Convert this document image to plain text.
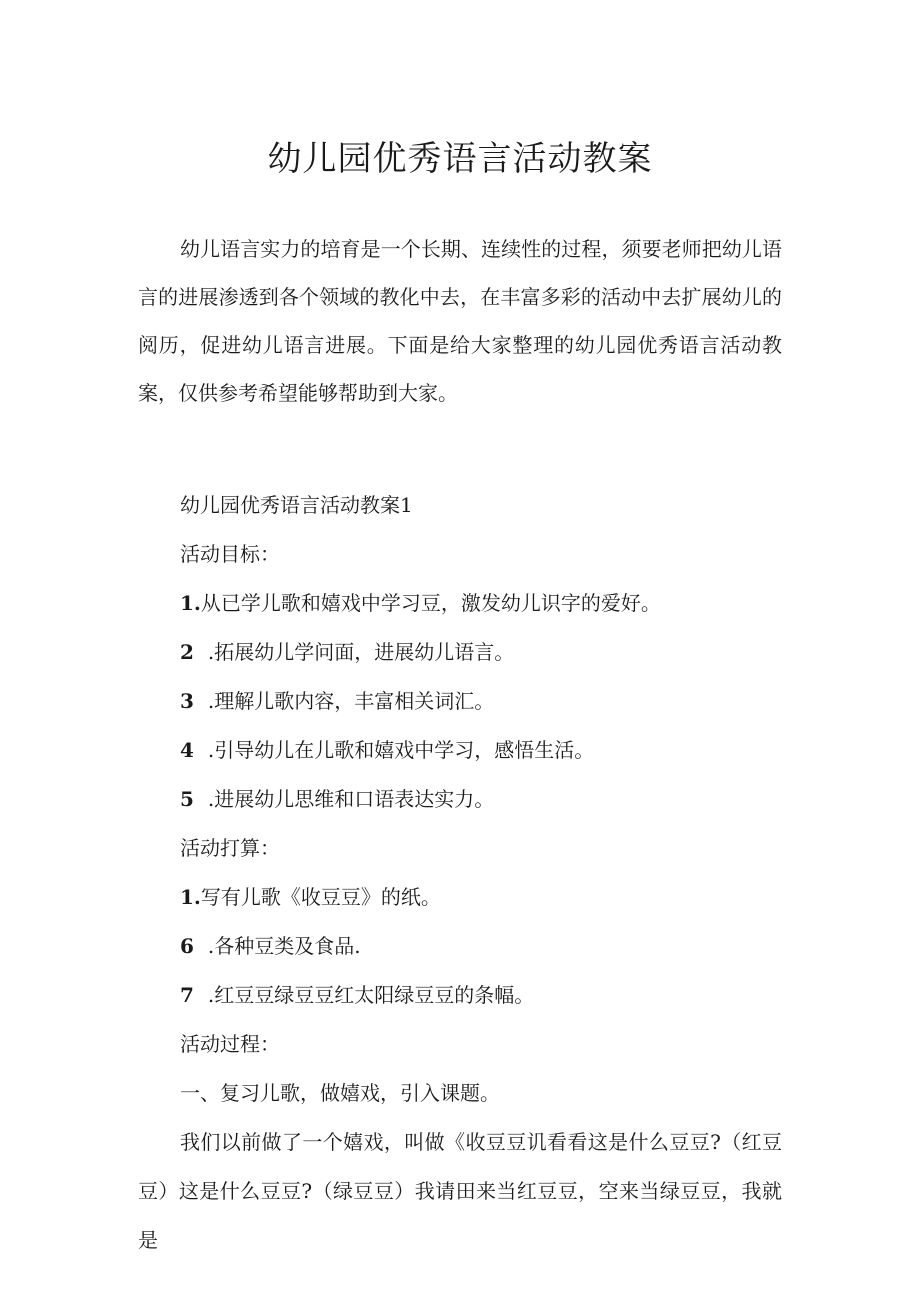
幼儿园优秀语言活动教案

幼儿语言实力的培育是一个长期、连续性的过程，须要老师把幼儿语言的进展渗透到各个领域的教化中去，在丰富多彩的活动中去扩展幼儿的阅历，促进幼儿语言进展。下面是给大家整理的幼儿园优秀语言活动教案，仅供参考希望能够帮助到大家。

幼儿园优秀语言活动教案1

活动目标：

1.从已学儿歌和嬉戏中学习豆，激发幼儿识字的爱好。

2 .拓展幼儿学问面，进展幼儿语言。

3 .理解儿歌内容，丰富相关词汇。

4 .引导幼儿在儿歌和嬉戏中学习，感悟生活。

5 .进展幼儿思维和口语表达实力。

活动打算：

1.写有儿歌《收豆豆》的纸。

6 .各种豆类及食品.

7 .红豆豆绿豆豆红太阳绿豆豆的条幅。

活动过程：

一、复习儿歌，做嬉戏，引入课题。

我们以前做了一个嬉戏，叫做《收豆豆讥看看这是什么豆豆?（红豆豆）这是什么豆豆?（绿豆豆）我请田来当红豆豆，空来当绿豆豆，我就是
